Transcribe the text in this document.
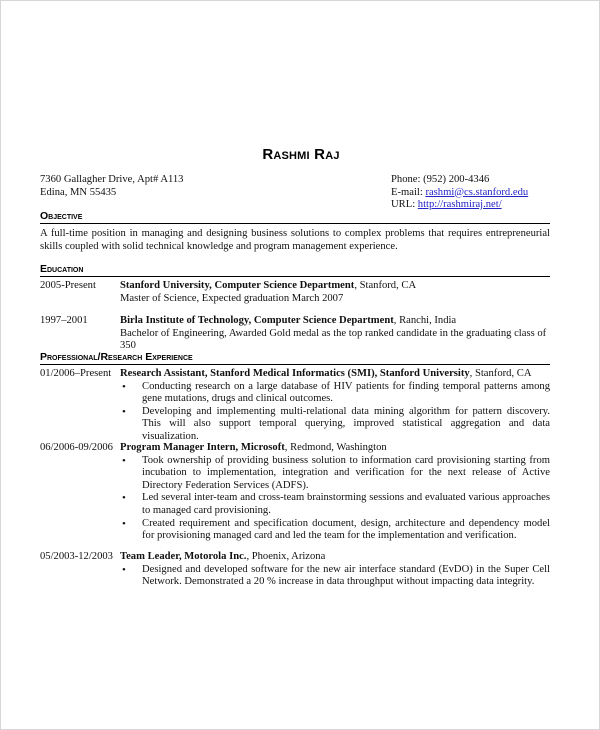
Rashmi Raj
7360 Gallagher Drive, Apt# A113
Edina, MN 55435
Phone: (952) 200-4346
E-mail: rashmi@cs.stanford.edu
URL: http://rashmiraj.net/
Objective
A full-time position in managing and designing business solutions to complex problems that requires entrepreneurial skills coupled with solid technical knowledge and program management experience.
Education
2005-Present	Stanford University, Computer Science Department, Stanford, CA
Master of Science, Expected graduation March 2007
1997–2001	Birla Institute of Technology, Computer Science Department, Ranchi, India
Bachelor of Engineering, Awarded Gold medal as the top ranked candidate in the graduating class of 350
Professional/Research Experience
01/2006–Present Research Assistant, Stanford Medical Informatics (SMI), Stanford University, Stanford, CA
• Conducting research on a large database of HIV patients for finding temporal patterns among gene mutations, drugs and clinical outcomes.
• Developing and implementing multi-relational data mining algorithm for pattern discovery. This will also support temporal querying, improved statistical aggregation and data visualization.
06/2006-09/2006 Program Manager Intern, Microsoft, Redmond, Washington
• Took ownership of providing business solution to information card provisioning starting from incubation to implementation, integration and verification for the next release of Active Directory Federation Services (ADFS).
• Led several inter-team and cross-team brainstorming sessions and evaluated various approaches to managed card provisioning.
• Created requirement and specification document, design, architecture and dependency model for provisioning managed card and led the team for the implementation and verification.
05/2003-12/2003 Team Leader, Motorola Inc., Phoenix, Arizona
• Designed and developed software for the new air interface standard (EvDO) in the Super Cell Network. Demonstrated a 20 % increase in data throughput without impacting data integrity.
